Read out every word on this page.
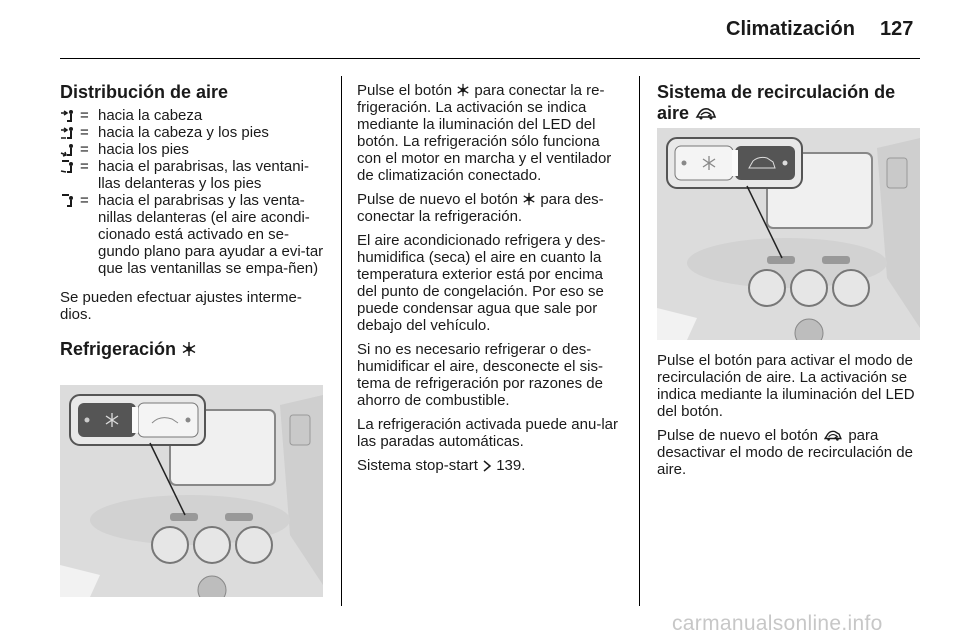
Climatización 127
Distribución de aire
= hacia la cabeza
= hacia la cabeza y los pies
= hacia los pies
= hacia el parabrisas, las ventani-llas delanteras y los pies
= hacia el parabrisas y las venta-nillas delanteras (el aire acondi-cionado está activado en se-gundo plano para ayudar a evi-tar que las ventanillas se empa-ñen)

Se pueden efectuar ajustes interme-dios.

Refrigeración

Pulse el botón para conectar la re-frigeración. La activación se indica mediante la iluminación del LED del botón. La refrigeración sólo funciona con el motor en marcha y el ventilador de climatización conectado.

Pulse de nuevo el botón para des-conectar la refrigeración.

El aire acondicionado refrigera y des-humidifica (seca) el aire en cuanto la temperatura exterior está por encima del punto de congelación. Por eso se puede condensar agua que sale por debajo del vehículo.

Si no es necesario refrigerar o des-humidificar el aire, desconecte el sis-tema de refrigeración por razones de ahorro de combustible.

La refrigeración activada puede anu-lar las paradas automáticas.

Sistema stop-start 139.

Sistema de recirculación de
aire

Pulse el botón para activar el modo de recirculación de aire. La activación se indica mediante la iluminación del LED del botón.

Pulse de nuevo el botón para desactivar el modo de recirculación de aire.

carmanualsonline.info
